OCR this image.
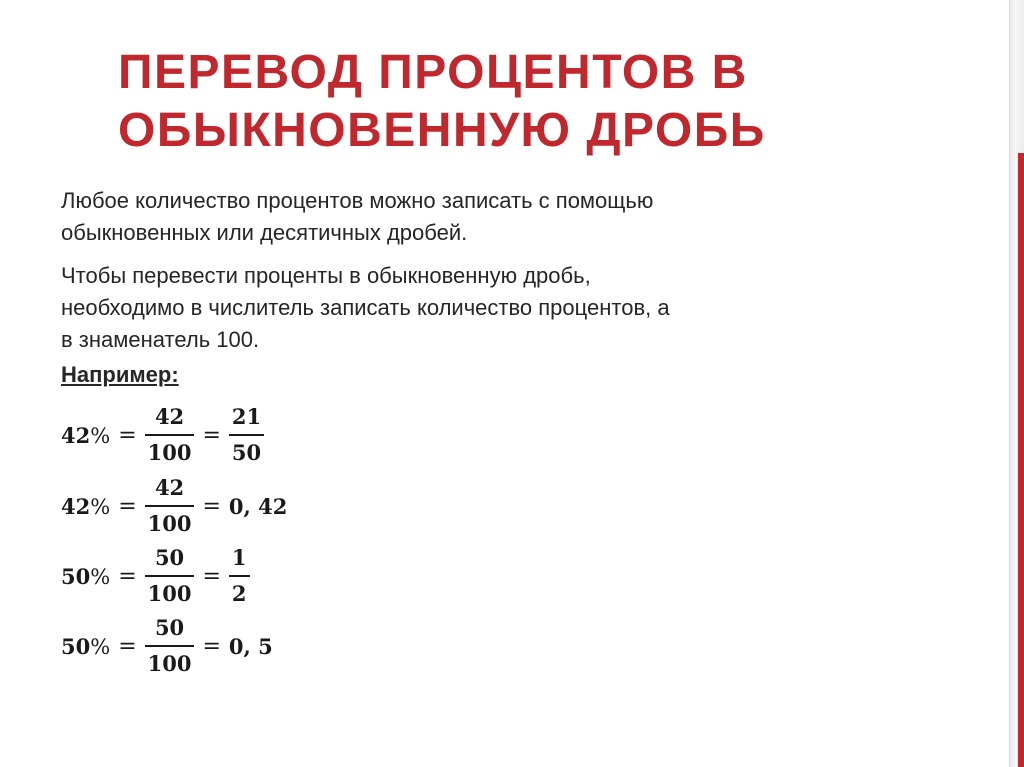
ПЕРЕВОД ПРОЦЕНТОВ В
ОБЫКНОВЕННУЮ ДРОБЬ

Любое количество процентов можно записать с помощью
обыкновенных или десятичных дробей.

Чтобы перевести проценты в обыкновенную дробь,
необходимо в числитель записать количество процентов, а
в знаменатель 100.

Например:

$42\% = \frac{42}{100} = \frac{21}{50}$
$42\% = \frac{42}{100} = 0$, 42
$50\% = \frac{50}{100} = \frac{1}{2}$
$50\% = \frac{50}{100} = 0$, 5
